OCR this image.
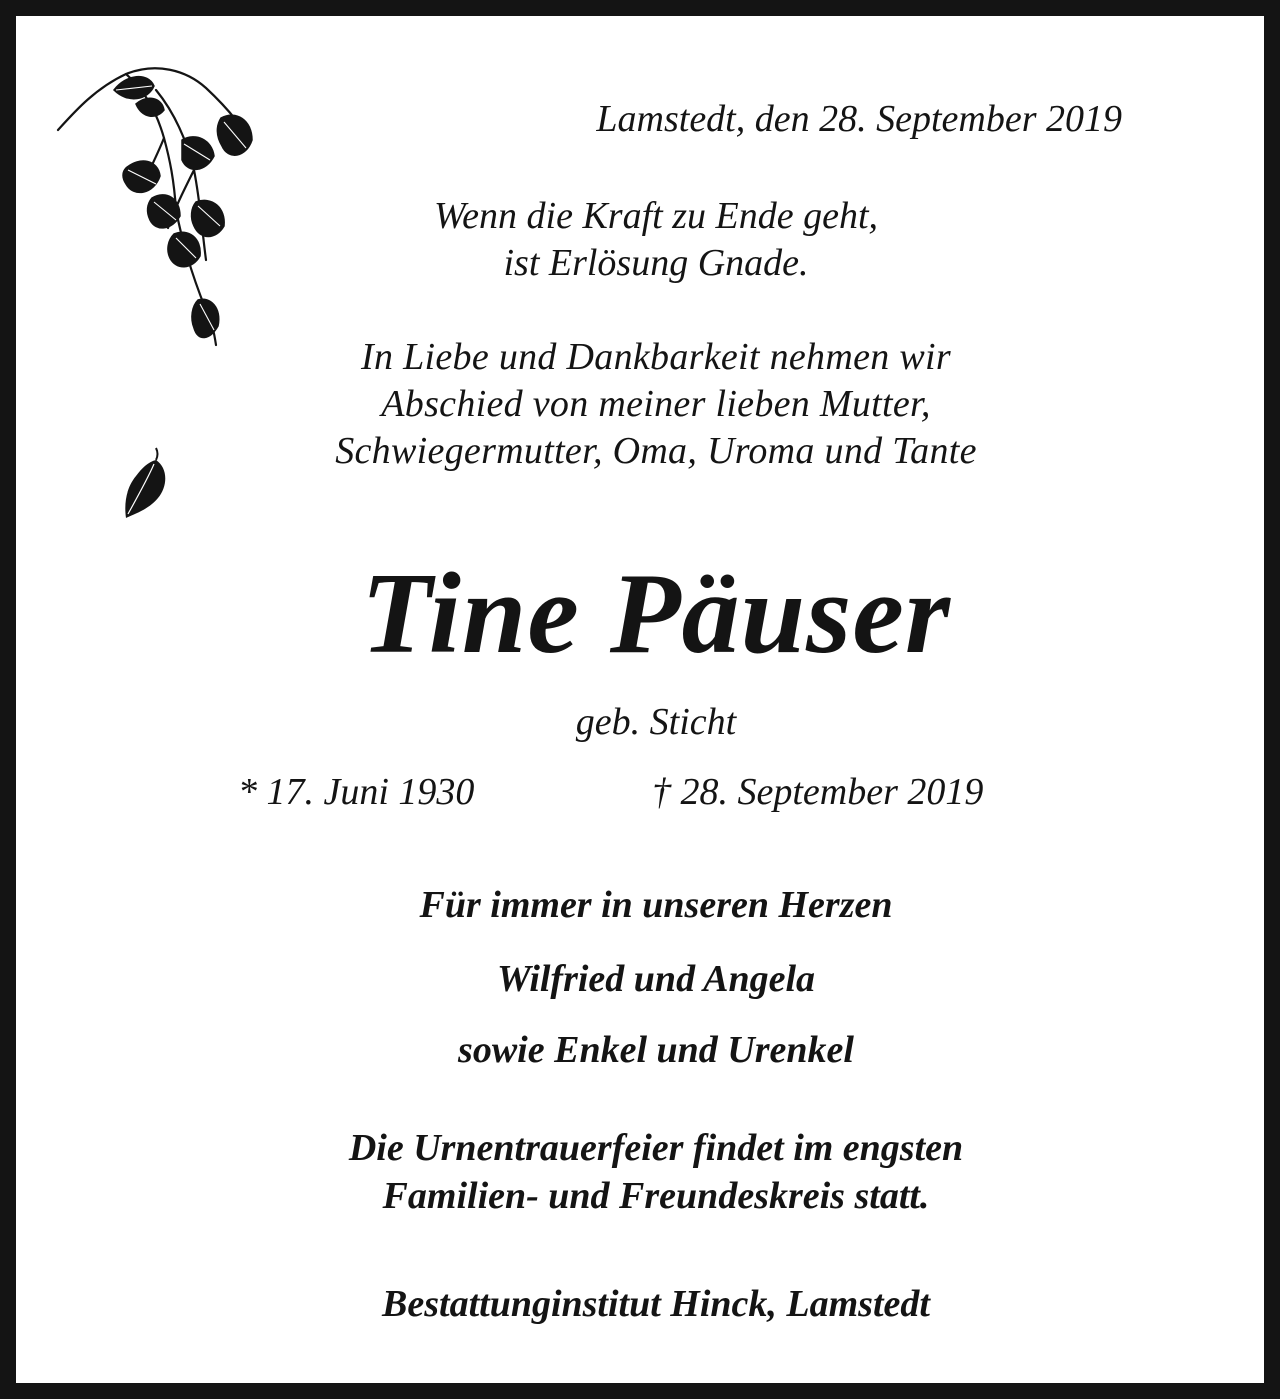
Lamstedt, den 28. September 2019
Wenn die Kraft zu Ende geht,
ist Erlösung Gnade.
In Liebe und Dankbarkeit nehmen wir
Abschied von meiner lieben Mutter,
Schwiegermutter, Oma, Uroma und Tante
Tine Päuser
geb. Sticht
* 17. Juni 1930	† 28. September 2019
Für immer in unseren Herzen
Wilfried und Angela
sowie Enkel und Urenkel
Die Urnentrauerfeier findet im engsten
Familien- und Freundeskreis statt.
Bestattunginstitut Hinck, Lamstedt
